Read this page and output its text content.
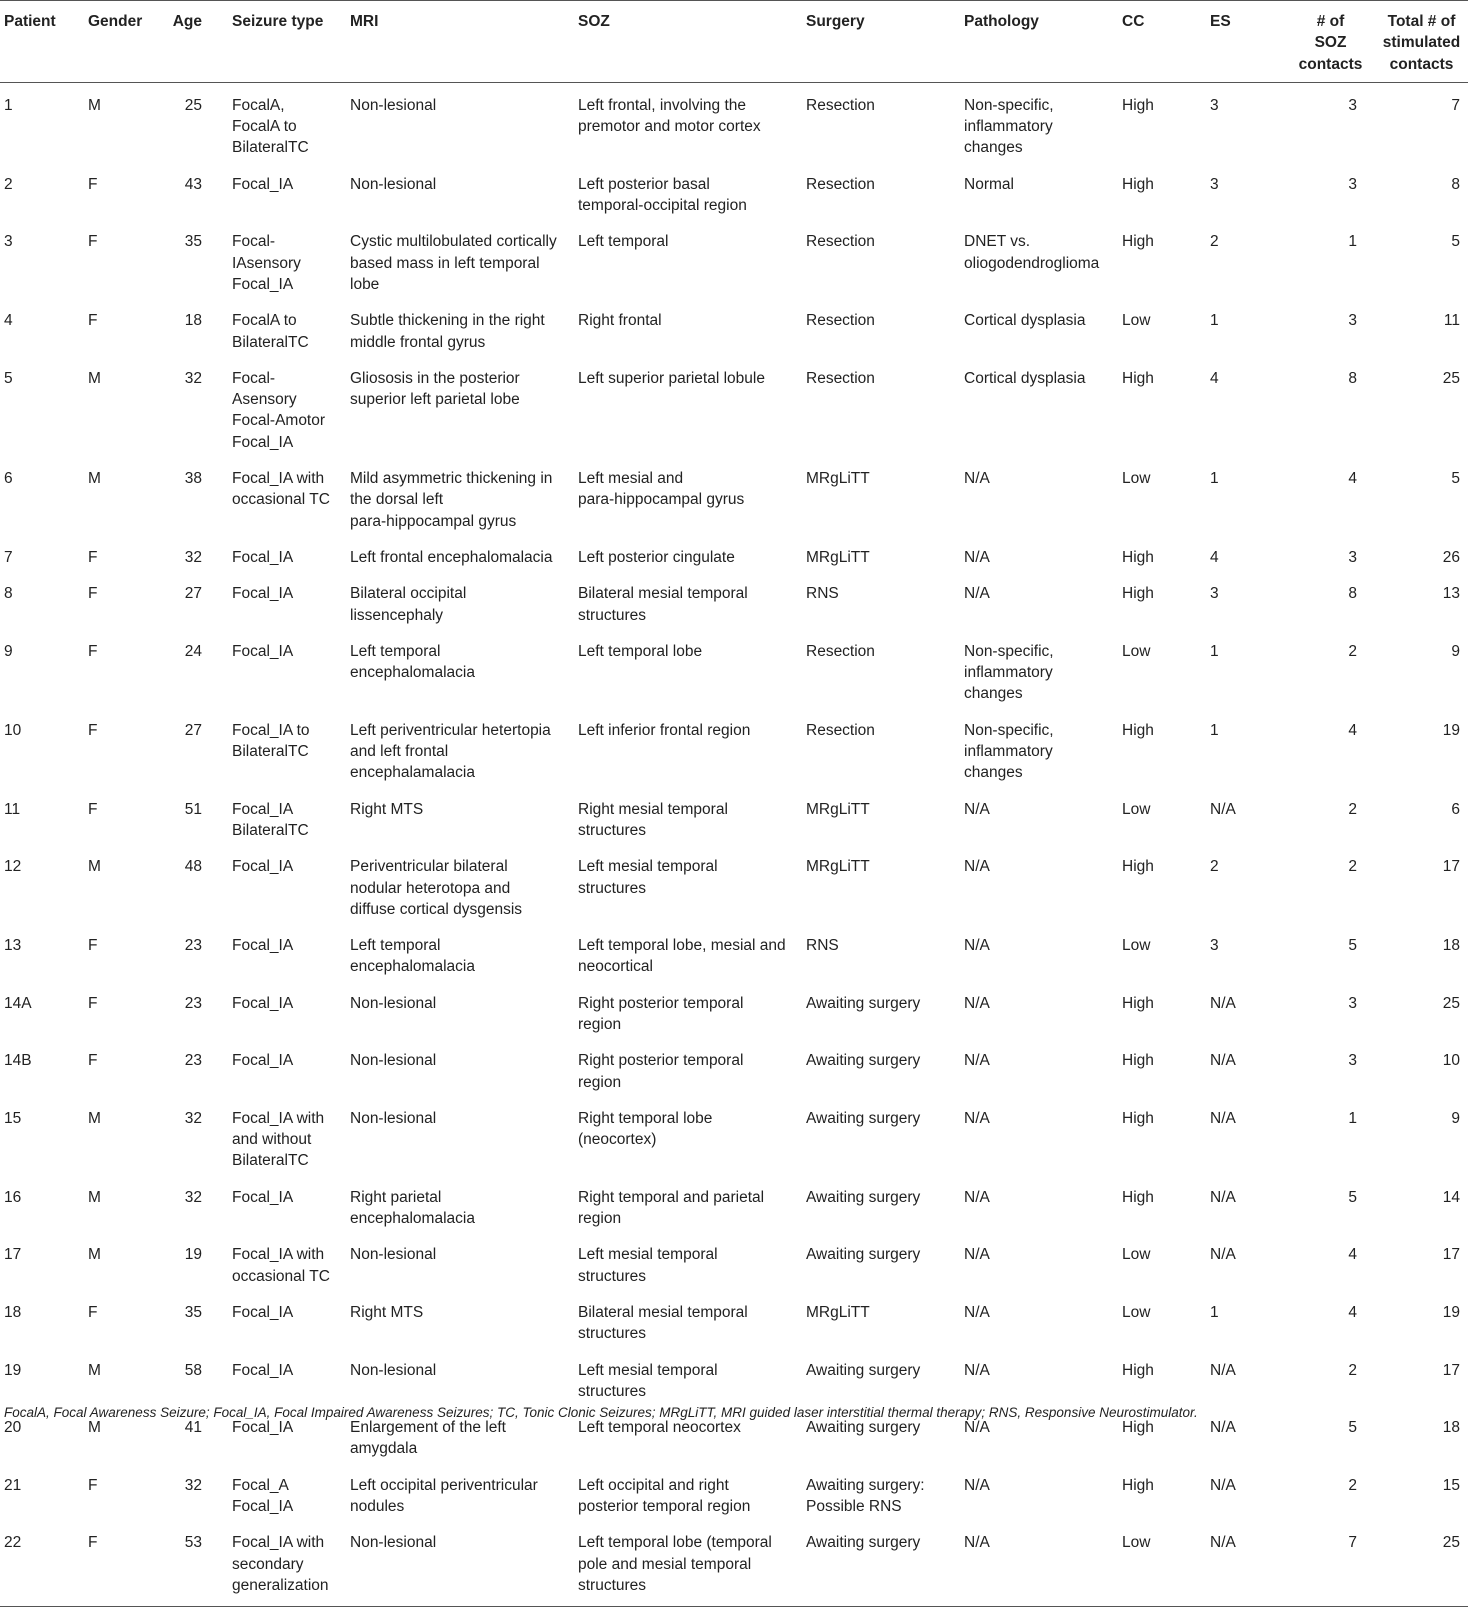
Patient	Gender	Age	Seizure type	MRI	SOZ	Surgery	Pathology	CC	ES	# of
SOZ
contacts	Total # of
stimulated
contacts
1	M	25	FocalA,
FocalA to
BilateralTC	Non-lesional	Left frontal, involving the
premotor and motor cortex	Resection	Non-specific,
inflammatory
changes	High	3	3	7
2	F	43	Focal_IA	Non-lesional	Left posterior basal
temporal-occipital region	Resection	Normal	High	3	3	8
3	F	35	Focal-
IAsensory
Focal_IA	Cystic multilobulated cortically
based mass in left temporal
lobe	Left temporal	Resection	DNET vs.
oliogodendroglioma	High	2	1	5
4	F	18	FocalA to
BilateralTC	Subtle thickening in the right
middle frontal gyrus	Right frontal	Resection	Cortical dysplasia	Low	1	3	11
5	M	32	Focal-
Asensory
Focal-Amotor
Focal_IA	Gliososis in the posterior
superior left parietal lobe	Left superior parietal lobule	Resection	Cortical dysplasia	High	4	8	25
6	M	38	Focal_IA with
occasional TC	Mild asymmetric thickening in
the dorsal left
para-hippocampal gyrus	Left mesial and
para-hippocampal gyrus	MRgLiTT	N/A	Low	1	4	5
7	F	32	Focal_IA	Left frontal encephalomalacia	Left posterior cingulate	MRgLiTT	N/A	High	4	3	26
8	F	27	Focal_IA	Bilateral occipital
lissencephaly	Bilateral mesial temporal
structures	RNS	N/A	High	3	8	13
9	F	24	Focal_IA	Left temporal
encephalomalacia	Left temporal lobe	Resection	Non-specific,
inflammatory
changes	Low	1	2	9
10	F	27	Focal_IA to
BilateralTC	Left periventricular hetertopia
and left frontal
encephalamalacia	Left inferior frontal region	Resection	Non-specific,
inflammatory
changes	High	1	4	19
11	F	51	Focal_IA
BilateralTC	Right MTS	Right mesial temporal
structures	MRgLiTT	N/A	Low	N/A	2	6
12	M	48	Focal_IA	Periventricular bilateral
nodular heterotopa and
diffuse cortical dysgensis	Left mesial temporal
structures	MRgLiTT	N/A	High	2	2	17
13	F	23	Focal_IA	Left temporal
encephalomalacia	Left temporal lobe, mesial and
neocortical	RNS	N/A	Low	3	5	18
14A	F	23	Focal_IA	Non-lesional	Right posterior temporal
region	Awaiting surgery	N/A	High	N/A	3	25
14B	F	23	Focal_IA	Non-lesional	Right posterior temporal
region	Awaiting surgery	N/A	High	N/A	3	10
15	M	32	Focal_IA with
and without
BilateralTC	Non-lesional	Right temporal lobe
(neocortex)	Awaiting surgery	N/A	High	N/A	1	9
16	M	32	Focal_IA	Right parietal
encephalomalacia	Right temporal and parietal
region	Awaiting surgery	N/A	High	N/A	5	14
17	M	19	Focal_IA with
occasional TC	Non-lesional	Left mesial temporal
structures	Awaiting surgery	N/A	Low	N/A	4	17
18	F	35	Focal_IA	Right MTS	Bilateral mesial temporal
structures	MRgLiTT	N/A	Low	1	4	19
19	M	58	Focal_IA	Non-lesional	Left mesial temporal
structures	Awaiting surgery	N/A	High	N/A	2	17
20	M	41	Focal_IA	Enlargement of the left
amygdala	Left temporal neocortex	Awaiting surgery	N/A	High	N/A	5	18
21	F	32	Focal_A
Focal_IA	Left occipital periventricular
nodules	Left occipital and right
posterior temporal region	Awaiting surgery:
Possible RNS	N/A	High	N/A	2	15
22	F	53	Focal_IA with
secondary
generalization	Non-lesional	Left temporal lobe (temporal
pole and mesial temporal
structures	Awaiting surgery	N/A	Low	N/A	7	25
FocalA, Focal Awareness Seizure; Focal_IA, Focal Impaired Awareness Seizures; TC, Tonic Clonic Seizures; MRgLiTT, MRI guided laser interstitial thermal therapy; RNS, Responsive Neurostimulator.
